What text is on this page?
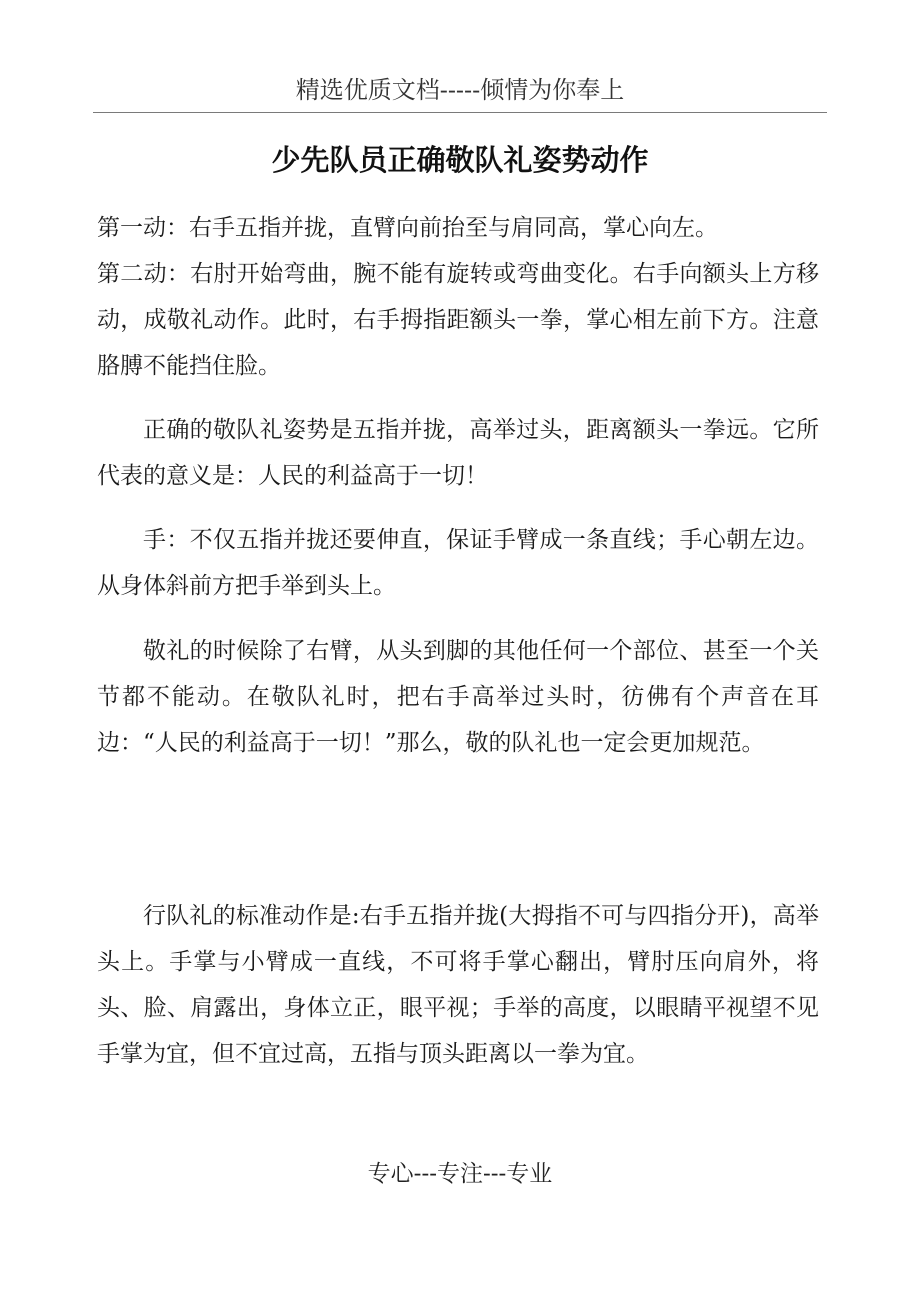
精选优质文档-----倾情为你奉上
少先队员正确敬队礼姿势动作

第一动：右手五指并拢，直臂向前抬至与肩同高，掌心向左。

第二动：右肘开始弯曲，腕不能有旋转或弯曲变化。右手向额头上方移动，成敬礼动作。此时，右手拇指距额头一拳，掌心相左前下方。注意胳膊不能挡住脸。

正确的敬队礼姿势是五指并拢，高举过头，距离额头一拳远。它所代表的意义是：人民的利益高于一切！

手：不仅五指并拢还要伸直，保证手臂成一条直线；手心朝左边。从身体斜前方把手举到头上。

敬礼的时候除了右臂，从头到脚的其他任何一个部位、甚至一个关节都不能动。在敬队礼时，把右手高举过头时，彷佛有个声音在耳边：“人民的利益高于一切！”那么，敬的队礼也一定会更加规范。

行队礼的标准动作是:右手五指并拢(大拇指不可与四指分开)，高举头上。手掌与小臂成一直线，不可将手掌心翻出，臂肘压向肩外，将头、脸、肩露出，身体立正，眼平视；手举的高度，以眼睛平视望不见手掌为宜，但不宜过高，五指与顶头距离以一拳为宜。

专心---专注---专业
